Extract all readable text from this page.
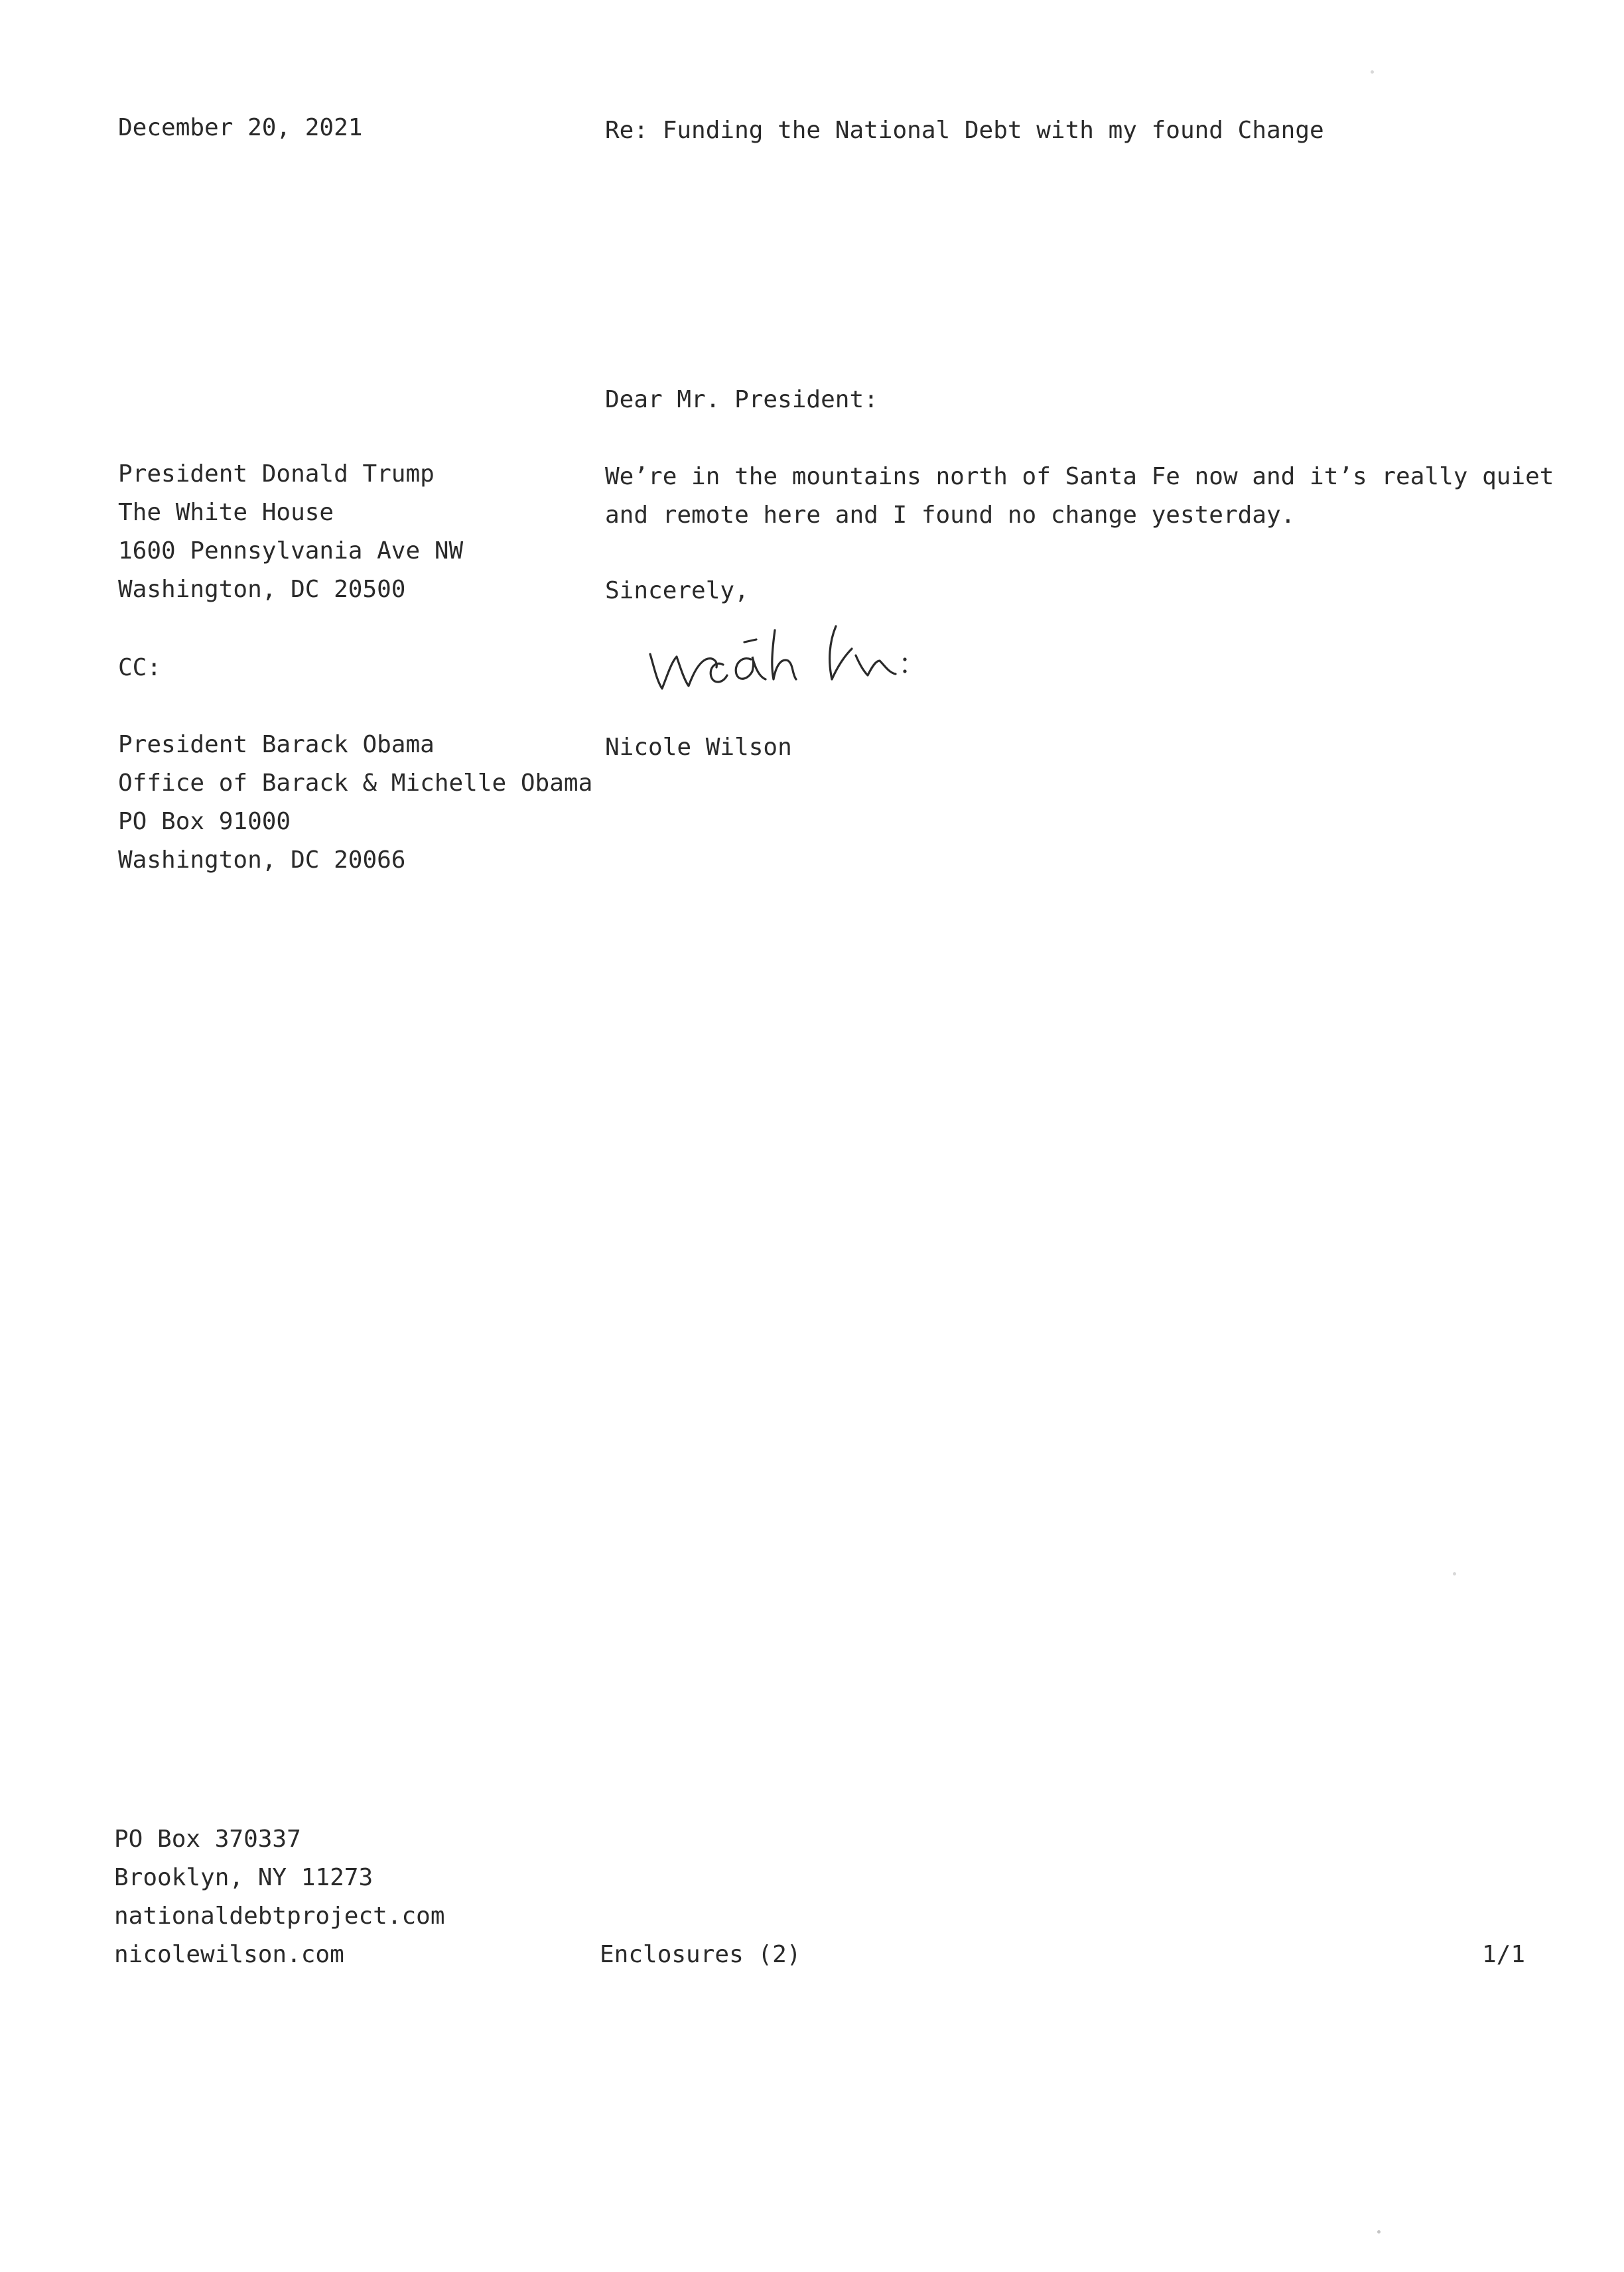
December 20, 2021	Re: Funding the National Debt with my found Change
Dear Mr. President:
President Donald Trump
The White House
1600 Pennsylvania Ave NW
Washington, DC 20500
We’re in the mountains north of Santa Fe now and it’s really quiet
and remote here and I found no change yesterday.
Sincerely,
CC:
Nicole Wilson
President Barack Obama
Office of Barack & Michelle Obama
PO Box 91000
Washington, DC 20066
PO Box 370337
Brooklyn, NY 11273
nationaldebtproject.com
nicolewilson.com	Enclosures (2)	1/1
